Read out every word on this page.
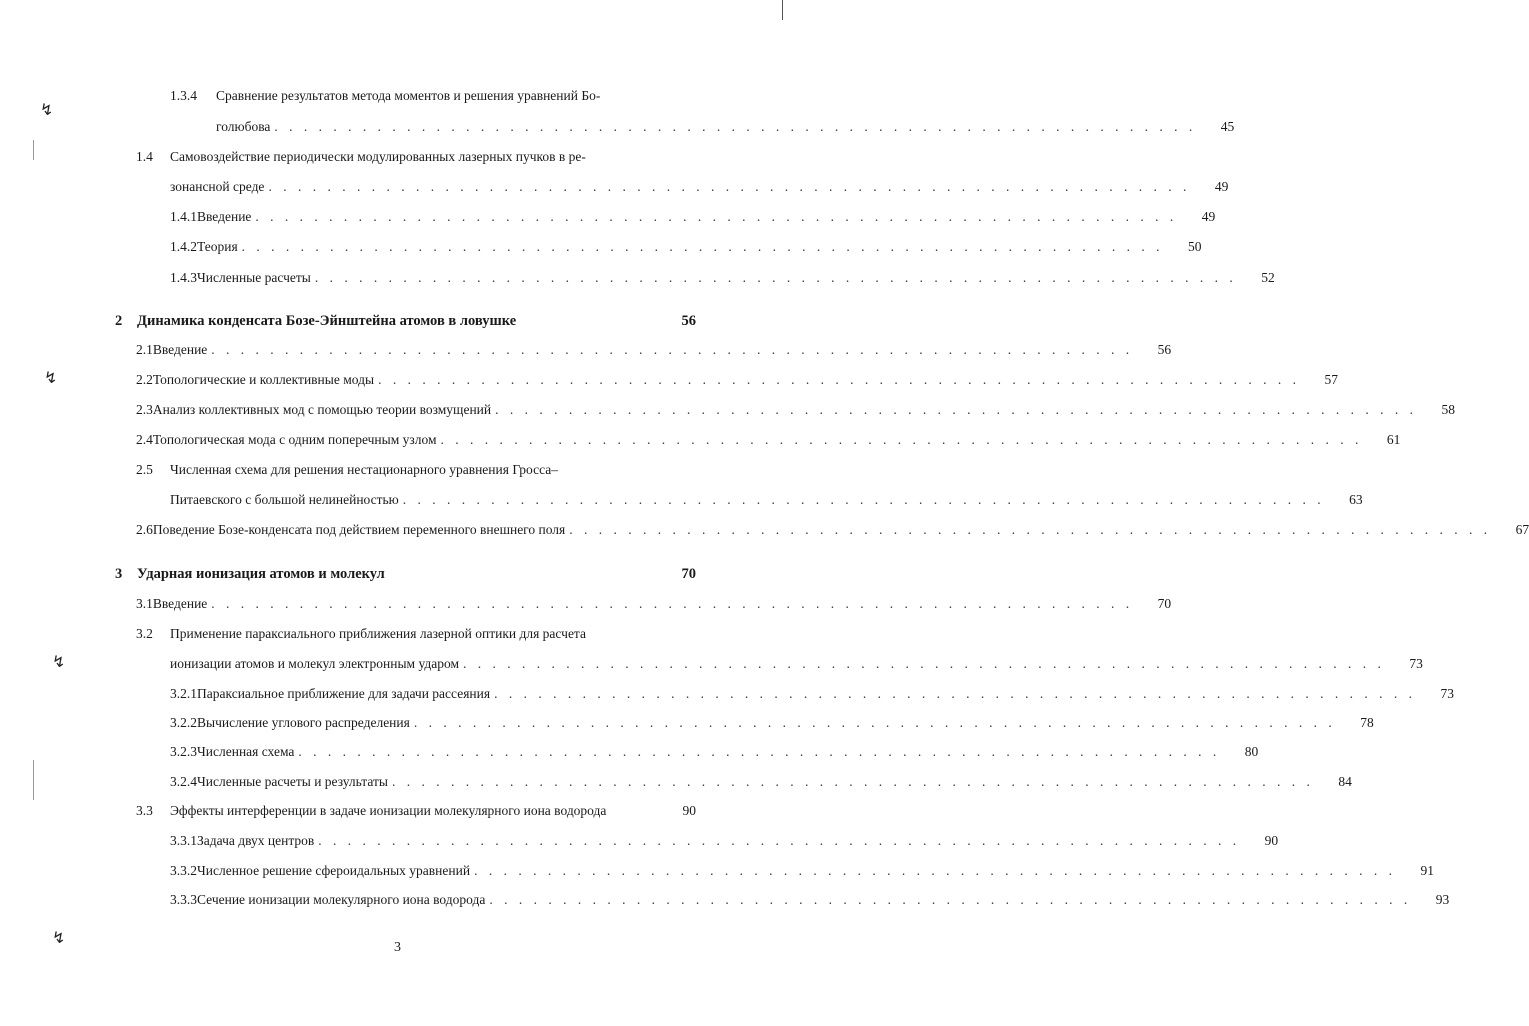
↯
↯
↯
↯
1.3.4	Сравнение результатов метода моментов и решения уравнений Бо-
голюбова . . .	45
1.4	Самовоздействие периодически модулированных лазерных пучков в ре-
зонансной среде . . .	49
1.4.1 Введение . . .	49
1.4.2 Теория . . .	50
1.4.3 Численные расчеты . . .	52
2	Динамика конденсата Бозе-Эйнштейна атомов в ловушке	56
2.1 Введение . . .	56
2.2 Топологические и коллективные моды . . .	57
2.3 Анализ коллективных мод с помощью теории возмущений . . .	58
2.4 Топологическая мода с одним поперечным узлом . . .	61
2.5	Численная схема для решения нестационарного уравнения Гросса–
Питаевского с большой нелинейностью . . .	63
2.6 Поведение Бозе-конденсата под действием переменного внешнего поля . . .	67
3	Ударная ионизация атомов и молекул	70
3.1 Введение . . .	70
3.2	Применение параксиального приближения лазерной оптики для расчета
ионизации атомов и молекул электронным ударом . . .	73
3.2.1 Параксиальное приближение для задачи рассеяния . . .	73
3.2.2 Вычисление углового распределения . . .	78
3.2.3 Численная схема . . .	80
3.2.4 Численные расчеты и результаты . . .	84
3.3	Эффекты интерференции в задаче ионизации молекулярного иона водорода	90
3.3.1 Задача двух центров . . .	90
3.3.2 Численное решение сфероидальных уравнений . . .	91
3.3.3 Сечение ионизации молекулярного иона водорода . . .	93
3
